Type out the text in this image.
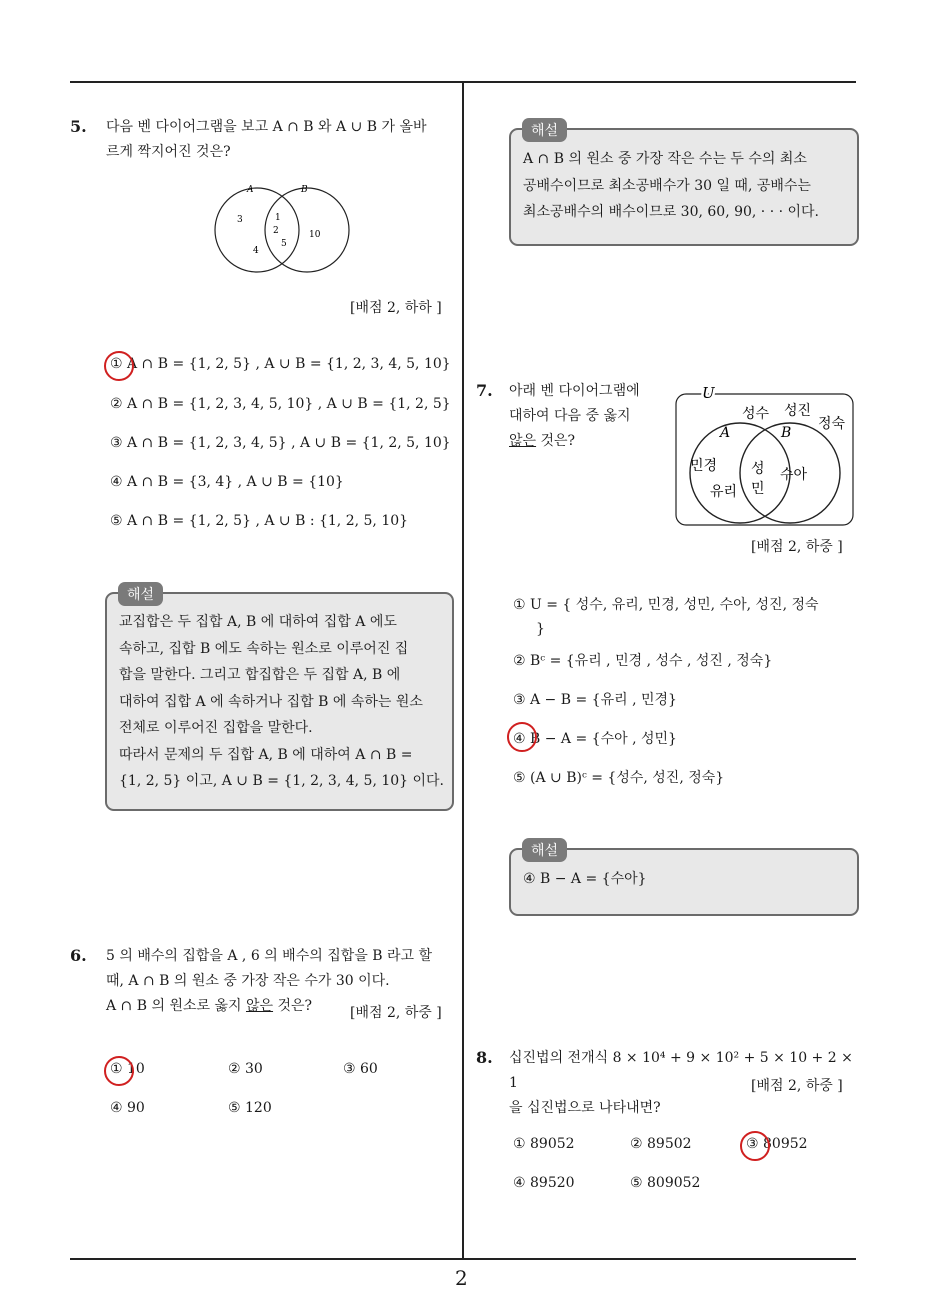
2
5. 다음 벤 다이어그램을 보고 A ∩ B 와 A ∪ B 가 올바
르게 짝지어진 것은?
A	B
3
4
1
2
5
10
[배점 2, 하하 ]
① A ∩ B = {1, 2, 5} , A ∪ B = {1, 2, 3, 4, 5, 10}
② A ∩ B = {1, 2, 3, 4, 5, 10} , A ∪ B = {1, 2, 5}
③ A ∩ B = {1, 2, 3, 4, 5} , A ∪ B = {1, 2, 5, 10}
④ A ∩ B = {3, 4} , A ∪ B = {10}
⑤ A ∩ B = {1, 2, 5} , A ∪ B : {1, 2, 5, 10}
해설
교집합은 두 집합 A, B 에 대하여 집합 A 에도
속하고, 집합 B 에도 속하는 원소로 이루어진 집
합을 말한다. 그리고 합집합은 두 집합 A, B 에
대하여 집합 A 에 속하거나 집합 B 에 속하는 원소
전체로 이루어진 집합을 말한다.
따라서 문제의 두 집합 A, B 에 대하여 A ∩ B =
{1, 2, 5} 이고, A ∪ B = {1, 2, 3, 4, 5, 10} 이다.
6. 5 의 배수의 집합을 A , 6 의 배수의 집합을 B 라고 할
때, A ∩ B 의 원소 중 가장 작은 수가 30 이다.
A ∩ B 의 원소로 옳지 않은 것은?	[배점 2, 하중 ]
① 10	② 30	③ 60
④ 90	⑤ 120
해설
A ∩ B 의 원소 중 가장 작은 수는 두 수의 최소
공배수이므로 최소공배수가 30 일 때, 공배수는
최소공배수의 배수이므로 30, 60, 90, · · · 이다.
7. 아래 벤 다이어그램에
대하여 다음 중 옳지
않은 것은?
U
A	B
성수 성진
정숙
민경
유리
성
민
수아
[배점 2, 하중 ]
① U = { 성수, 유리, 민경, 성민, 수아, 성진, 정숙
}
② Bᶜ = {유리 , 민경 , 성수 , 성진 , 정숙}
③ A − B = {유리 , 민경}
④ B − A = {수아 , 성민}
⑤ (A ∪ B)ᶜ = {성수, 성진, 정숙}
해설
④ B − A = {수아}
8. 십진법의 전개식 8 × 10⁴ + 9 × 10² + 5 × 10 + 2 × 1
을 십진법으로 나타내면?
[배점 2, 하중 ]
① 89052	② 89502	③ 80952
④ 89520	⑤ 809052
